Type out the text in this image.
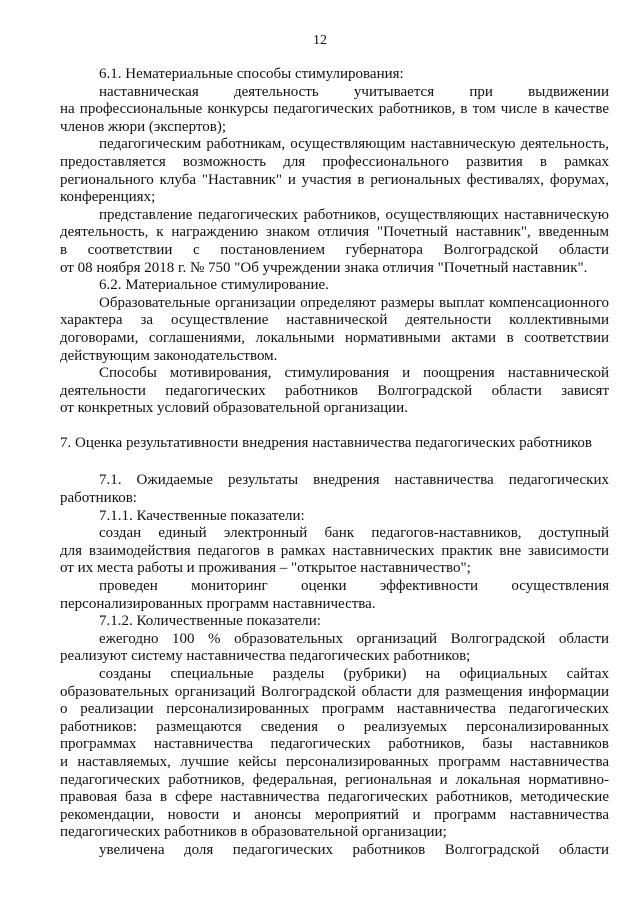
12
6.1. Нематериальные способы стимулирования:
наставническая деятельность учитывается при выдвижении
на профессиональные конкурсы педагогических работников, в том числе в качестве
членов жюри (экспертов);
педагогическим работникам, осуществляющим наставническую деятельность,
предоставляется возможность для профессионального развития в рамках
регионального клуба "Наставник" и участия в региональных фестивалях, форумах,
конференциях;
представление педагогических работников, осуществляющих наставническую
деятельность, к награждению знаком отличия "Почетный наставник", введенным
в соответствии с постановлением губернатора Волгоградской области
от 08 ноября 2018 г. № 750 "Об учреждении знака отличия "Почетный наставник".
6.2. Материальное стимулирование.
Образовательные организации определяют размеры выплат компенсационного
характера за осуществление наставнической деятельности коллективными
договорами, соглашениями, локальными нормативными актами в соответствии
действующим законодательством.
Способы мотивирования, стимулирования и поощрения наставнической
деятельности педагогических работников Волгоградской области зависят
от конкретных условий образовательной организации.
7. Оценка результативности внедрения наставничества педагогических работников
7.1. Ожидаемые результаты внедрения наставничества педагогических
работников:
7.1.1. Качественные показатели:
создан единый электронный банк педагогов-наставников, доступный
для взаимодействия педагогов в рамках наставнических практик вне зависимости
от их места работы и проживания – "открытое наставничество";
проведен мониторинг оценки эффективности осуществления
персонализированных программ наставничества.
7.1.2. Количественные показатели:
ежегодно 100 % образовательных организаций Волгоградской области
реализуют систему наставничества педагогических работников;
созданы специальные разделы (рубрики) на официальных сайтах
образовательных организаций Волгоградской области для размещения информации
о реализации персонализированных программ наставничества педагогических
работников: размещаются сведения о реализуемых персонализированных
программах наставничества педагогических работников, базы наставников
и наставляемых, лучшие кейсы персонализированных программ наставничества
педагогических работников, федеральная, региональная и локальная нормативно-
правовая база в сфере наставничества педагогических работников, методические
рекомендации, новости и анонсы мероприятий и программ наставничества
педагогических работников в образовательной организации;
увеличена доля педагогических работников Волгоградской области
